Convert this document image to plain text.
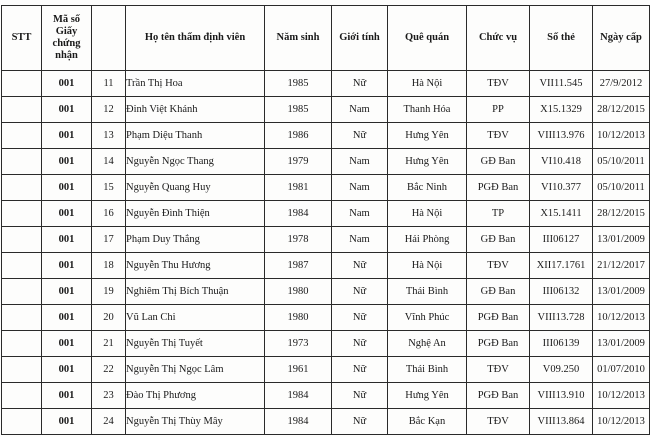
STT	Mã số Giấy chứng nhận		Họ tên thẩm định viên	Năm sinh	Giới tính	Quê quán	Chức vụ	Số thẻ	Ngày cấp
	001	11	Trần Thị Hoa	1985	Nữ	Hà Nội	TĐV	VII11.545	27/9/2012
	001	12	Đinh Việt Khánh	1985	Nam	Thanh Hóa	PP	X15.1329	28/12/2015
	001	13	Phạm Diệu Thanh	1986	Nữ	Hưng Yên	TĐV	VIII13.976	10/12/2013
	001	14	Nguyễn Ngọc Thang	1979	Nam	Hưng Yên	GĐ Ban	VI10.418	05/10/2011
	001	15	Nguyễn Quang Huy	1981	Nam	Bắc Ninh	PGĐ Ban	VI10.377	05/10/2011
	001	16	Nguyễn Đình Thiện	1984	Nam	Hà Nội	TP	X15.1411	28/12/2015
	001	17	Phạm Duy Thắng	1978	Nam	Hải Phòng	GĐ Ban	III06127	13/01/2009
	001	18	Nguyễn Thu Hương	1987	Nữ	Hà Nội	TĐV	XII17.1761	21/12/2017
	001	19	Nghiêm Thị Bích Thuận	1980	Nữ	Thái Bình	GĐ Ban	III06132	13/01/2009
	001	20	Vũ Lan Chi	1980	Nữ	Vĩnh Phúc	PGĐ Ban	VIII13.728	10/12/2013
	001	21	Nguyễn Thị Tuyết	1973	Nữ	Nghệ An	PGĐ Ban	III06139	13/01/2009
	001	22	Nguyễn Thị Ngọc Lâm	1961	Nữ	Thái Bình	TĐV	V09.250	01/07/2010
	001	23	Đào Thị Phương	1984	Nữ	Hưng Yên	PGĐ Ban	VIII13.910	10/12/2013
	001	24	Nguyễn Thị Thùy Mây	1984	Nữ	Bắc Kạn	TĐV	VIII13.864	10/12/2013
